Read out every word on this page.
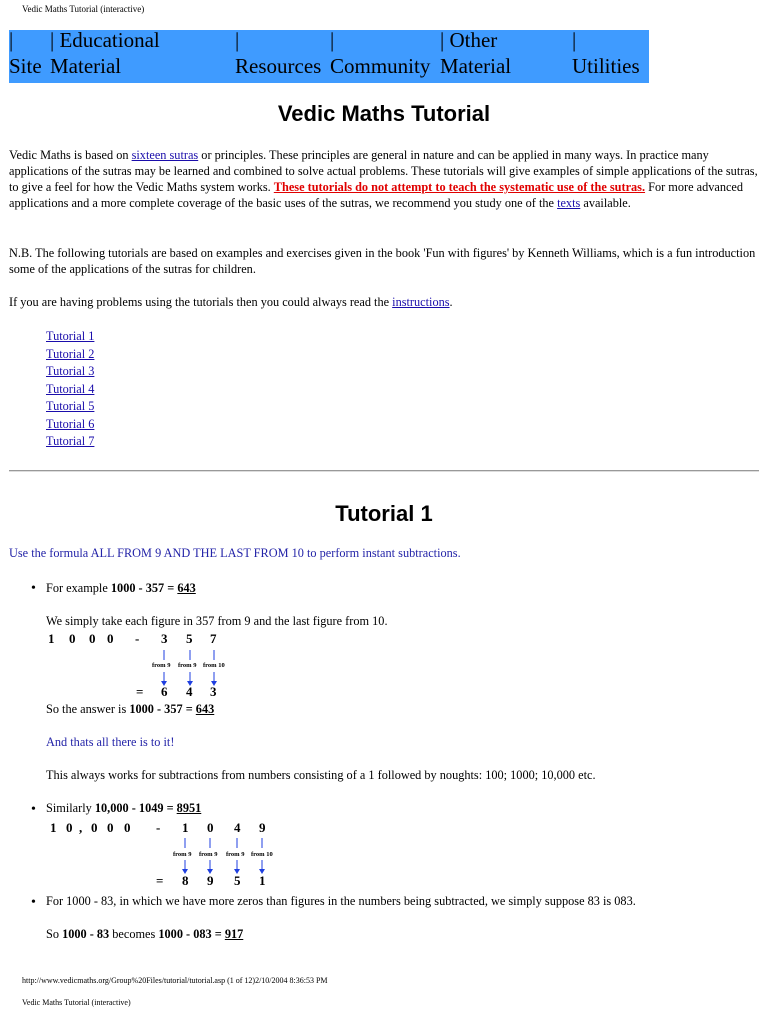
Vedic Maths Tutorial (interactive)
|
Site
| Educational
Material
|
Resources
|
Community
| Other
Material
|
Utilities
Vedic Maths Tutorial

Vedic Maths is based on sixteen sutras or principles. These principles are general in nature and can be applied in many ways. In practice many applications of the sutras may be learned and combined to solve actual problems. These tutorials will give examples of simple applications of the sutras, to give a feel for how the Vedic Maths system works. These tutorials do not attempt to teach the systematic use of the sutras. For more advanced applications and a more complete coverage of the basic uses of the sutras, we recommend you study one of the texts available.

N.B. The following tutorials are based on examples and exercises given in the book 'Fun with figures' by Kenneth Williams, which is a fun introduction some of the applications of the sutras for children.

If you are having problems using the tutorials then you could always read the instructions.

Tutorial 1
Tutorial 2
Tutorial 3
Tutorial 4
Tutorial 5
Tutorial 6
Tutorial 7
Tutorial 1

Use the formula ALL FROM 9 AND THE LAST FROM 10 to perform instant subtractions.

• For example 1000 - 357 = 643

We simply take each figure in 357 from 9 and the last figure from 10.

1 0 0 0 - 3 5 7
from 9 from 9 from 10
= 6 4 3

So the answer is 1000 - 357 = 643

And thats all there is to it!

This always works for subtractions from numbers consisting of a 1 followed by noughts: 100; 1000; 10,000 etc.

• Similarly 10,000 - 1049 = 8951

1 0 , 0 0 0 - 1 0 4 9
from 9 from 9 from 9 from 10
= 8 9 5 1
• For 1000 - 83, in which we have more zeros than figures in the numbers being subtracted, we simply suppose 83 is 083.

So 1000 - 83 becomes 1000 - 083 = 917

http://www.vedicmaths.org/Group%20Files/tutorial/tutorial.asp (1 of 12)2/10/2004 8:36:53 PM
Vedic Maths Tutorial (interactive)
